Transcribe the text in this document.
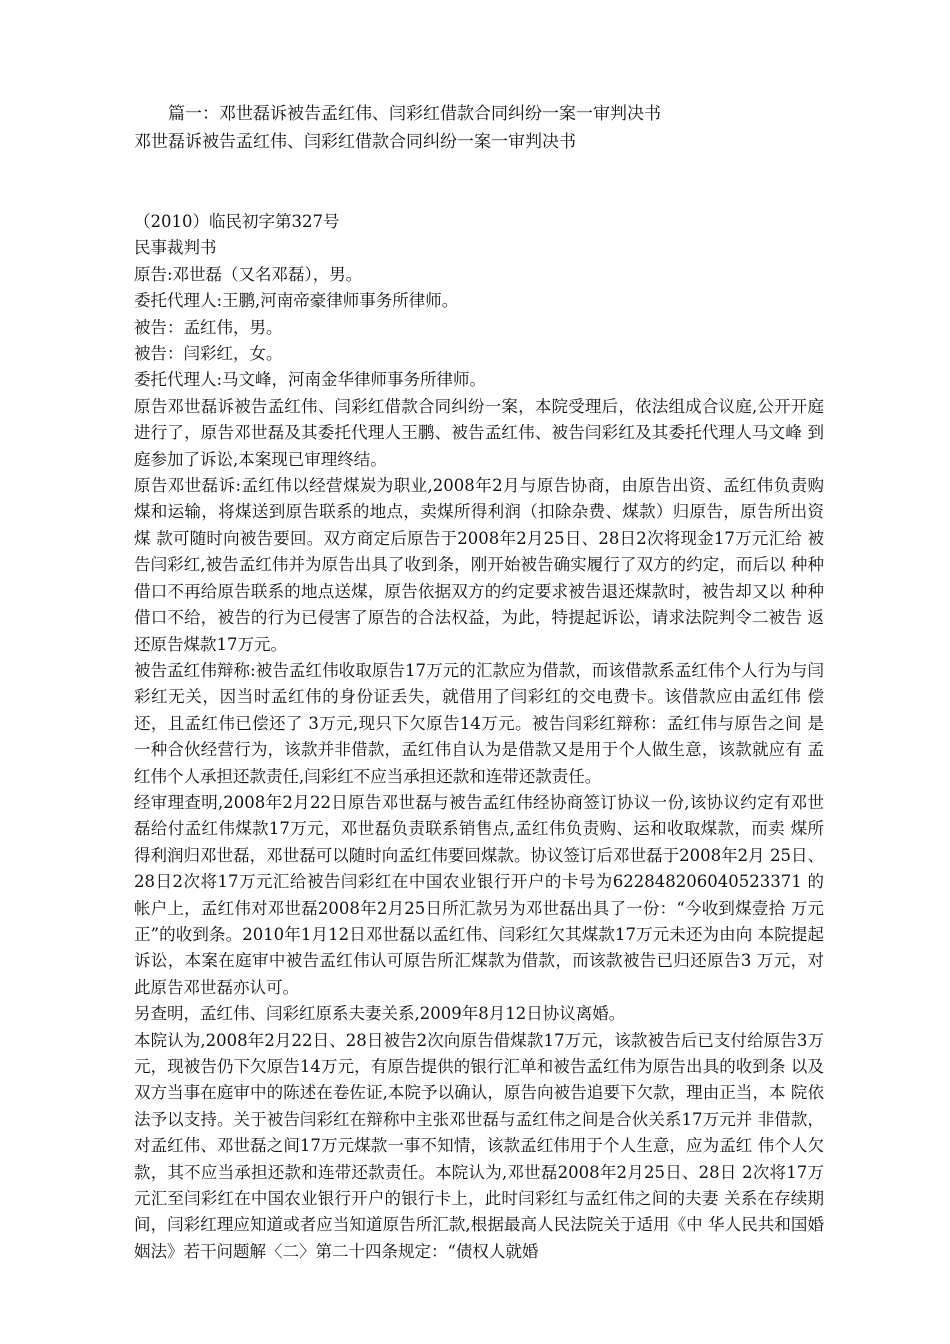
篇一：邓世磊诉被告孟红伟、闫彩红借款合同纠纷一案一审判决书

邓世磊诉被告孟红伟、闫彩红借款合同纠纷一案一审判决书

（2010）临民初字第327号

民事裁判书

原告:邓世磊（又名邓磊），男。

委托代理人:王鹏,河南帝豪律师事务所律师。

被告：孟红伟，男。

被告：闫彩红，女。

委托代理人:马文峰，河南金华律师事务所律师。

原告邓世磊诉被告孟红伟、闫彩红借款合同纠纷一案，本院受理后，依法组成合议庭,公开开庭进行了，原告邓世磊及其委托代理人王鹏、被告孟红伟、被告闫彩红及其委托代理人马文峰 到庭参加了诉讼,本案现已审理终结。

原告邓世磊诉:孟红伟以经营煤炭为职业,2008年2月与原告协商，由原告出资、孟红伟负责购煤和运输，将煤送到原告联系的地点，卖煤所得利润（扣除杂费、煤款）归原告，原告所出资煤 款可随时向被告要回。双方商定后原告于2008年2月25日、28日2次将现金17万元汇给 被告闫彩红,被告孟红伟并为原告出具了收到条，刚开始被告确实履行了双方的约定，而后以 种种借口不再给原告联系的地点送煤，原告依据双方的约定要求被告退还煤款时，被告却又以 种种借口不给，被告的行为已侵害了原告的合法权益，为此，特提起诉讼，请求法院判令二被告 返还原告煤款17万元。

被告孟红伟辩称:被告孟红伟收取原告17万元的汇款应为借款，而该借款系孟红伟个人行为与闫彩红无关，因当时孟红伟的身份证丢失，就借用了闫彩红的交电费卡。该借款应由孟红伟 偿还，且孟红伟已偿还了 3万元,现只下欠原告14万元。被告闫彩红辩称：孟红伟与原告之间 是一种合伙经营行为，该款并非借款，孟红伟自认为是借款又是用于个人做生意，该款就应有 孟红伟个人承担还款责任,闫彩红不应当承担还款和连带还款责任。

经审理查明,2008年2月22日原告邓世磊与被告孟红伟经协商签订协议一份,该协议约定有邓世磊给付孟红伟煤款17万元，邓世磊负责联系销售点,孟红伟负责购、运和收取煤款，而卖 煤所得利润归邓世磊，邓世磊可以随时向孟红伟要回煤款。协议签订后邓世磊于2008年2月 25日、28日2次将17万元汇给被告闫彩红在中国农业银行开户的卡号为622848206040523371 的帐户上，孟红伟对邓世磊2008年2月25日所汇款另为邓世磊出具了一份：“今收到煤壹拾 万元正”的收到条。2010年1月12日邓世磊以孟红伟、闫彩红欠其煤款17万元未还为由向 本院提起诉讼，本案在庭审中被告孟红伟认可原告所汇煤款为借款，而该款被告已归还原告3 万元，对此原告邓世磊亦认可。

另查明，孟红伟、闫彩红原系夫妻关系,2009年8月12日协议离婚。

本院认为,2008年2月22日、28日被告2次向原告借煤款17万元，该款被告后已支付给原告3万元，现被告仍下欠原告14万元，有原告提供的银行汇单和被告孟红伟为原告出具的收到条 以及双方当事在庭审中的陈述在卷佐证,本院予以确认，原告向被告追要下欠款，理由正当，本 院依法予以支持。关于被告闫彩红在辩称中主张邓世磊与孟红伟之间是合伙关系17万元并 非借款，对孟红伟、邓世磊之间17万元煤款一事不知情，该款孟红伟用于个人生意，应为孟红 伟个人欠款，其不应当承担还款和连带还款责任。本院认为,邓世磊2008年2月25日、28日 2次将17万元汇至闫彩红在中国农业银行开户的银行卡上，此时闫彩红与孟红伟之间的夫妻 关系在存续期间，闫彩红理应知道或者应当知道原告所汇款,根据最高人民法院关于适用《中 华人民共和国婚姻法》若干问题解〈二〉第二十四条规定：“债权人就婚
